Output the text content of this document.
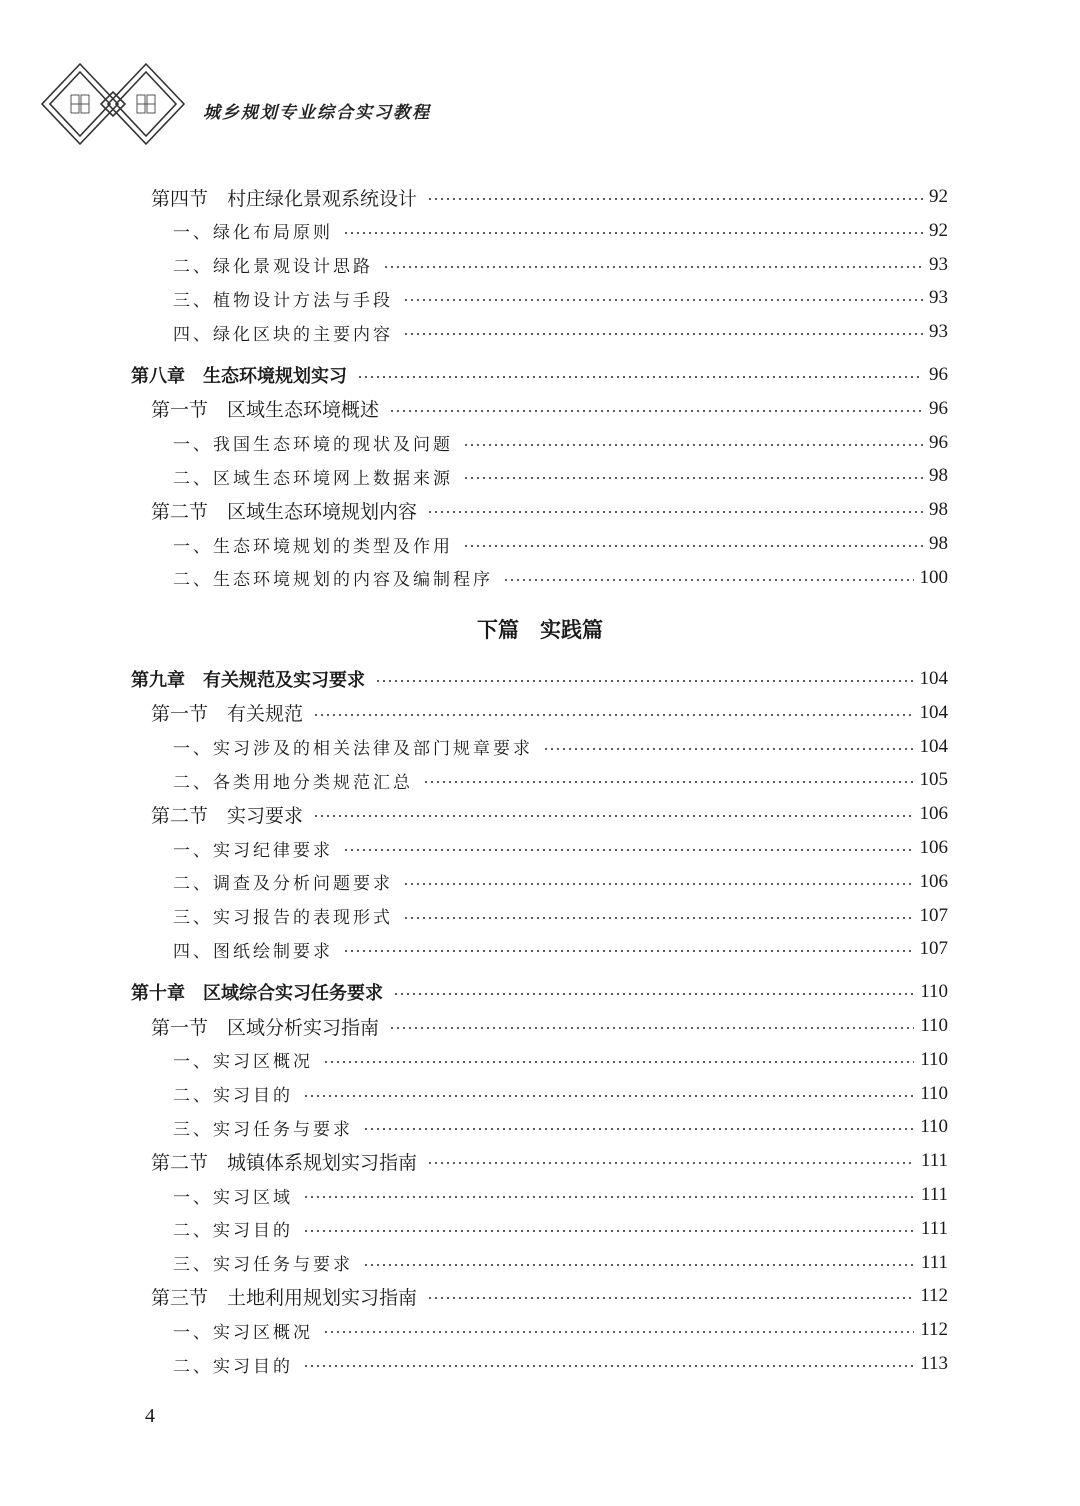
城乡规划专业综合实习教程
第四节　村庄绿化景观系统设计	92
一、绿化布局原则	92
二、绿化景观设计思路	93
三、植物设计方法与手段	93
四、绿化区块的主要内容	93
第八章　生态环境规划实习	96
第一节　区域生态环境概述	96
一、我国生态环境的现状及问题	96
二、区域生态环境网上数据来源	98
第二节　区域生态环境规划内容	98
一、生态环境规划的类型及作用	98
二、生态环境规划的内容及编制程序	100
下篇　实践篇
第九章　有关规范及实习要求	104
第一节　有关规范	104
一、实习涉及的相关法律及部门规章要求	104
二、各类用地分类规范汇总	105
第二节　实习要求	106
一、实习纪律要求	106
二、调查及分析问题要求	106
三、实习报告的表现形式	107
四、图纸绘制要求	107
第十章　区域综合实习任务要求	110
第一节　区域分析实习指南	110
一、实习区概况	110
二、实习目的	110
三、实习任务与要求	110
第二节　城镇体系规划实习指南	111
一、实习区域	111
二、实习目的	111
三、实习任务与要求	111
第三节　土地利用规划实习指南	112
一、实习区概况	112
二、实习目的	113
4
